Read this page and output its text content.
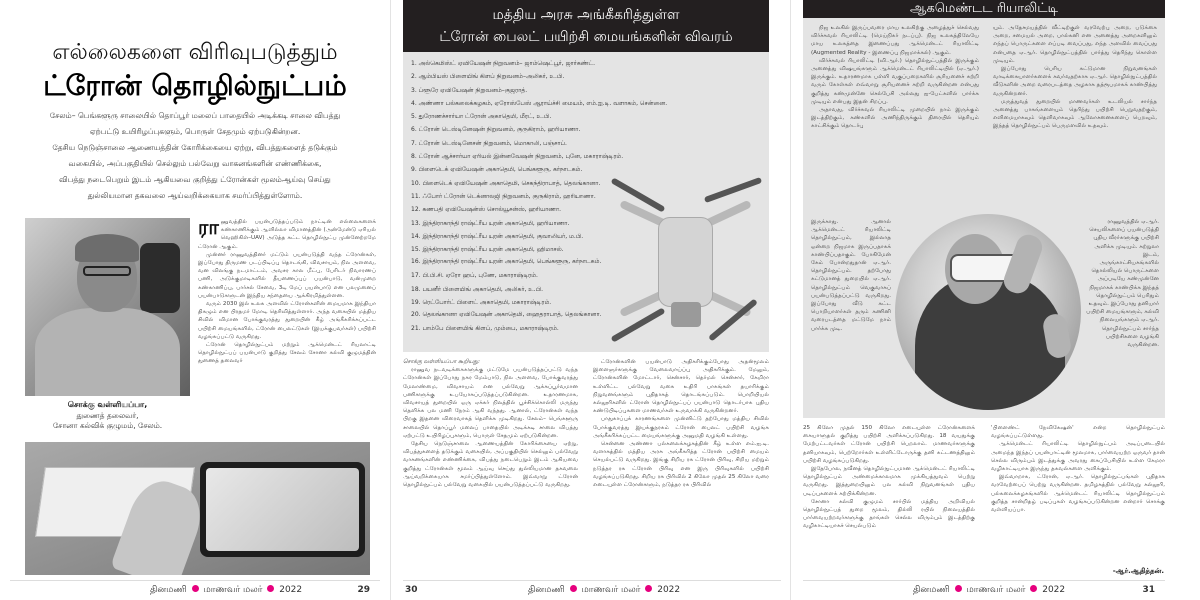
எல்லைகளை விரிவுபடுத்தும்
ட்ரோன் தொழில்நுட்பம்
சேலம்– பெங்களூரு சாலையில் தொப்பூர் மலைப் பாதையில் அடிக்கடி சாலை விபத்து
ஏற்பட்டு உயிரிழப்புகளும், பொருள் சேதமும் ஏற்படுகின்றன.
தேசிய நெடுஞ்சாலை ஆணையத்தின் கோரிக்கையை ஏற்று, விபத்துகளைத் தடுக்கும்
வகையில், அப்பகுதியில் செல்லும் பல்வேறு வாகனங்களின் எண்ணிக்கை,
விபத்து நடைபெறும் இடம் ஆகியவை குறித்து ட்ரோன்கள் மூலம்ஆய்வு செய்து
துல்லியமான தகவலை ஆய்வறிக்கையாக சமர்ப்பித்துள்ளோம்.
சொக்கு வள்ளியப்பா,
துணைத் தலைவர்,
சோனா கல்விக் குழுமம், சேலம்.

ராணுவத்தில் பயன்படுத்தப்படும் நாட்டின் எல்லைகளைக் கண்காணிக்கும் ஆளில்லா விமானத்தின் (அன்மேன்டு ஏரியல் வெஹிகிள்–UAV) அடுத்த கட்ட தொழில்நுட்ப முன்னேற்றமே ட்ரோன் ஆகும்.

முன்னர் ராணுவத்தினர் மட்டும் பயன்படுத்தி வந்த ட்ரோன்கள், இப்போது திருமண படப்பிடிப்பு தொடங்கி, விவசாயம், நில அளவை, வன விலங்கு நடமாட்டம், அவசர கால மீட்பு, பேரிடர் நிவாரணப் பணி, அடுக்குமாடிகளில் தீயணைப்புப் பயன்பாடு, வன்முறை கண்காணிப்பு, பார்சல் சேவை, 3டி மேப் பயன்பாடு என பலமுனைப் பயன்பாடுகளுடன் இந்திய சந்தையை ஆக்கிரமித்துள்ளன.

வரும் 2030 இல் உலக அளவில் ட்ரோன்களின் மையமாக இந்தியா திகழும் என பிரதமர் மோடி தெரிவித்துள்ளார். அந்த வகையில் மத்திய சிவில் விமான போக்குவரத்து துறையின் கீழ் அங்கீகரிக்கப்பட்ட பயிற்சி மையங்களில், ட்ரோன் பைலட்டுகள் (இயக்குபவர்கள்) பயிற்சி வழங்கப்பட்டு வருகிறது.

ட்ரோன் தொழில்நுட்பம் மற்றும் ஆக்மென்டட் ரியலாட்டி தொழில்நுட்பப் பயன்பாடு குறித்து சேலம் சோனா கல்வி குழுமத்தின் துணைத் தலைவர்

தினமணி மாணவர் மலர் 2022	29
மத்திய அரசு அங்கீகரித்துள்ள
ட்ரோன் பைலட் பயிற்சி மையங்களின் விவரம்
1. அல்கெமிஸ்ட் ஏவியேஷன் நிறுவனம்– ஜாம்ஷெட்பூர், ஜார்கண்ட்.
2. ஆம்பியஸ் பிளையிங் கிளப் நிறுவனம்–அலிகர், உ.பி.
3. ப்ளூரே ஏவியேஷன் நிறுவனம்–குஜராத்.
4. அண்ணா பல்கலைக்கழகம், ஏரோஸ்பேஸ் ஆராய்ச்சி மையம், எம்.ஐ.டி. வளாகம், சென்னை.
5. துரோணச்சார்யா ட்ரோன் அகாதெமி, மீரட், உ.பி.
6. ட்ரோன் டெஸ்டினேஷன் நிறுவனம், குருகிராம், ஹரியாணா.
7. ட்ரோன் டெஸ்டினேசன் நிறுவனம், மொகாலி, பஞ்சாப்.
8. ட்ரோன் ஆச்சார்யா ஏரியல் இன்னவேஷன் நிறுவனம், புனே, மகாராஷ்டிரம்.
9. பிளைடெக் ஏவியேஷன் அகாதெமி, பெங்களூரு, கர்நாடகம்.
10. பிளைடெக் ஏவியேஷன் அகாதெமி, செகந்திராபாத், தெலங்கானா.
11. ஃபோர் ட்ரோன் டெக்னாலஜி நிறுவனம், குருகிராம், ஹரியாணா.
12. கணபதி ஏவியேஷன்ஸ் சொல்யூசன்ஸ், ஹரியாணா.
13. இந்திராகாந்தி ராஷ்ட்ரீய யுரன் அகாதெமி, ஹரியாணா.
14. இந்திராகாந்தி ராஷ்ட்ரீய யுரன் அகாதெமி, குவாலியர், ம.பி.
15. இந்திராகாந்தி ராஷ்ட்ரீய யுரன் அகாதெமி, ஹிமாசல்.
16. இந்திராகாந்தி ராஷ்ட்ரீய யுரன் அகாதெமி, பெங்களூரு, கர்நாடகம்.
17. பி.பி.சி. ஏரோ ஹப், புணே, மகாராஷ்டிரம்.
18. பயனீர் பிளையிங் அகாதெமி, அலிகர், உ.பி.
19. ரெட்போர்ட் பிளைட் அகாதெமி, மகாராஷ்டிரம்.
20. தெலங்கானா ஏவியேஷன் அகாதெமி, ஹைதராபாத், தெலங்கானா.
21. பாம்பே பிளையிங் கிளப், மும்பை, மகாராஷ்டிரம்.

சொக்கு வள்ளியப்பா கூறியது:

ராணுவ நடவடிக்கைகளுக்கு மட்டுமே பயன்படுத்தப்பட்டு வந்த ட்ரோன்கள் இப்போது நகர மேம்பாடு, நில அளவை, போக்குவரத்து மேலாண்மை, விவசாயம் என பல்வேறு ஆக்கப்பூர்வமான பணிகளுக்கு உபயோகப்படுத்தப்படுகின்றன. உதாரணமாக, விவசாயத் துறையில் ஒரு ஏக்கர் நிலத்தில் பூச்சிக்கொல்லி மருந்து தெளிக்க பல மணி நேரம் ஆகி வந்தது. ஆனால், ட்ரோன்கள் வந்த பிறகு இதனை விரைவாகத் தெளிக்க முடிகிறது. சேலம்– பெங்களூரு சாலையில் தொப்பூர் மலைப் பாதையில் அடிக்கடி சாலை விபத்து ஏற்பட்டு உயிரிழப்புகளும், பொருள் சேதமும் ஏற்படுகின்றன.

தேசிய நெடுஞ்சாலை ஆணையத்தின் கோரிக்கையை ஏற்று, விபத்துகளைத் தடுக்கும் வகையில், அப்பகுதியில் செல்லும் பல்வேறு வாகனங்களின் எண்ணிக்கை, விபத்து நடைபெறும் இடம் ஆகியவை குறித்து ட்ரோன்கள் மூலம் ஆய்வு செய்து துல்லியமான தகவலை ஆய்வறிக்கையாக சமர்ப்பித்துள்ளோம். இவ்வாறு ட்ரோன் தொழில்நுட்பம் பல்வேறு வகையில் பயன்படுத்தப்பட்டு வருகிறது.

ட்ரோன்களின் பயன்பாடு அதிகரிக்கும்போது அதன்மூலம் இளைஞர்களுக்கு வேலைவாய்ப்பு அதிகரிக்கும். மேலும், ட்ரோன்களின் மோட்டார், சென்சார், தெர்மல் சென்சார், கேமிரா உள்ளிட்ட பல்வேறு வகை உதிரி பாகங்கள் தயாரிக்கும் நிறுவனங்களும் புதிதாகத் தொடங்கப்படும். பொறியியல் கல்லூரிகளில் ட்ரோன் தொழில்நுட்பப் பயன்பாடு தொடர்பாக புதிய கண்டுபிடிப்புகளை மாணவர்கள் உருவாக்கி வருகின்றனர்.

பாதுகாப்புக் காரணங்களை முன்னிட்டு தற்போது மத்திய சிவில் போக்குவரத்து இயக்குநரகம் ட்ரோன் பைலட் பயிற்சி வழங்க அங்கீகரிக்கப்பட்ட மையங்களுக்கு அனுமதி வழங்கி உள்ளது.

சென்னை அண்ணா பல்கலைக்கழகத்தின் கீழ் உள்ள எம்.ஐ.டி. வளாகத்தில் மத்திய அரசு அங்கீகரித்த ட்ரோன் பயிற்சி மையம் செயல்பட்டு வருகிறது. இங்கு சிறிய ரக ட்ரோன் பிரிவு, சிறிய மற்றும் நடுத்தர ரக ட்ரோன் பிரிவு என இரு பிரிவுகளில் பயிற்சி வழங்கப்படுகிறது. சிறிய ரக பிரிவில் 2 கிலோ முதல் 25 கிலோ வரை எடையுள்ள ட்ரோன்களும், நடுத்தர ரக பிரிவில்

30	தினமணி மாணவர் மலர் 2022
ஆகமெண்டட ரியாலிட்டி

நிஜ உலகில் இருப்பவரை மாய உலகிற்கு அழைத்துச் செல்வது விர்ச்சுவல் ரியாலிட்டி (மெய்நிகர் நடப்பு). நிஜ உலகத்திலேயே மாய உலகத்தை இணைப்பது ஆக்மென்டட் ரியாலிட்டி (Augmented Reality - இணைப்பு நிஜமாக்கல்) ஆகும்.

விர்ச்சுவல் ரியாலிட்டி (வி.ஆர்.) தொழில்நுட்பத்தில் இருக்கும் அனைத்து விஷயங்களும் ஆக்மென்டட் ரியாலிட்டியில் (ஏ.ஆர்.) இருக்கும். உதாரணமாக பள்ளி வகுப்பறைகளில் சூரியனைச் சுற்றி வரும் கோள்கள் எவ்வாறு சூரியனைச் சுற்றி வருகின்றன என்பது குறித்து கண்முன்னே செல்பேசி அல்லது ஐ-பேட்களில் பார்க்க முடியும் என்பது இதன் சிறப்பு.

அதாவது, விர்ச்சுவல் ரியாலிட்டி முறையில் நாம் இருக்கும் இடத்திற்கும், கண்களில் அணிந்திருக்கும் திரையில் தெரியும் காட்சிக்கும் தொடர்பு

யும். அதேசமயத்தில் வீட்டிற்குள் வரவேற்பு அறை, படுக்கை அறை, சமையல் அறை, பால்கனி என அனைத்து அறைகளிலும் எந்தப் பொருட்களை எப்படி வைப்பது, எந்த அளவில் வைப்பது என்பதை ஏ.ஆர். தொழில்நுட்பத்தில் பார்த்து தெரிந்து கொள்ள முடியும்.

இப்போது பெரிய கட்டுமான நிறுவனங்கள் வாடிக்கையாளர்களைக் கவர்வதற்காக ஏ.ஆர். தொழில்நுட்பத்தில் வீடுகளின் அறை வரைபடத்தை அழகாக தத்ரூபமாகக் காண்பித்து வருகின்றனர்.

மருத்துவத் துறையில் மாணவர்கள் உடலியல் சார்ந்த அனைத்து பாகங்களையும் தெரிந்து பயிற்சி பெறுவதற்கும், எளிமையாகவும் தெளிவாகவும் ஆலோசனைகளைப் பெறவும், இந்தத் தொழில்நுட்பம் பெருமளவில் உதவும்.

இருக்காது. ஆனால் ஆக்மென்டட் ரியாலிட்டி தொழில்நுட்பம், இல்லாத ஒன்றை நிஜமாக இருப்பதாகக் காண்பிப்பதாகும். போகிமேன் கேம் போன்றதுதான் ஏ.ஆர். தொழில்நுட்பம். தற்போது கட்டுமானத் துறையில் ஏ.ஆர். தொழில்நுட்பம் வெகுவாகப் பயன்படுத்தப்பட்டு வருகிறது. இப்போது வீடு கட்ட பொறியாளர்கள் தரும் கணினி வரைபடத்தை மட்டுமே நாம் பார்க்க முடி.
ராணுவத்தில் ஏ.ஆர். செயலிகளைப் பயன்படுத்தி புதிய வீரர்களுக்கு பயிற்சி அளிக்க முடியும். சுற்றுலா இடம், அருங்காட்சியகங்களில் தொல்லியல் பொருட்களை அப்படியே கண்முன்னே நிஜமாகக் காண்பிக்க இந்தத் தொழில்நுட்பம் பெரிதும் உதவும். இப்போது தனியார் பயிற்சி மையங்களும், கல்வி நிலையங்களும் ஏ.ஆர். தொழில்நுட்பம் சார்ந்த பயிற்சிகளை வழங்கி வருகின்றன.

25 கிலோ முதல் 150 கிலோ எடையுள்ள ட்ரோன்களைக் கையாளுதல் குறித்து பயிற்சி அளிக்கப்படுகிறது. 18 வயதுக்கு மேற்பட்டவர்கள் ட்ரோன் பயிற்சி பெறலாம். மாணவர்களுக்கு தனியாகவும், பெற்றோர்கள் உள்ளிட்டோருக்கு தனி கட்டணத்திலும் பயிற்சி வழங்கப்படுகிறது.

இதேபோல, நவீனத் தொழில்நுட்பமான ஆக்மென்டட் ரியாலிட்டி தொழில்நுட்பம் அண்மைக்காலமாக முக்கியத்துவம் பெற்று வருகிறது. இத்துறையிலும் பல கல்வி நிறுவனங்கள் புதிய படிப்புகளைக் கற்பிக்கின்றன.

சோனா கல்வி குழுமம் சார்பில் மத்திய அறிவியல் தொழில்நுட்பத் துறை மூலம், தில்லி ரயில் நிலையத்தில் பார்வையற்றவர்களுக்கு தாங்கள் செல்ல விரும்பும் இடத்திற்கு வழிகாட்டியாகச் செயல்படும்

'பிளைண்ட் நேவிகேஷன்' என்ற தொழில்நுட்பம் வழங்கப்பட்டுள்ளது.

ஆக்மென்டட் ரியாலிட்டி தொழில்நுட்பம் அடிப்படையில் அமைந்த இந்தப் பயன்பாட்டின் மூலமாக, பார்வையற்ற ஒருவர் தான் செல்ல விரும்பும் இடத்துக்கு அவரது கைப்பேசியில் உள்ள கேமரா வழிகாட்டியாக இருந்து தகவல்களை அளிக்கும்.

இவ்வாறாக, ட்ரோன், ஏ.ஆர். தொழில்நுட்பங்கள் புதிதாக வரவேற்பைப் பெற்று வருகின்றன. தமிழகத்தில் பல்வேறு கல்லூரி, பல்கலைக்கழகங்களில் ஆக்மென்டட் ரியாலிட்டி தொழில்நுட்பம் குறித்த சான்றிதழ் படிப்புகள் வழங்கப்படுகின்றன என்றார் சொக்கு வள்ளியப்பா.

-ஆர்.ஆதித்தன்.
தினமணி மாணவர் மலர் 2022	31
